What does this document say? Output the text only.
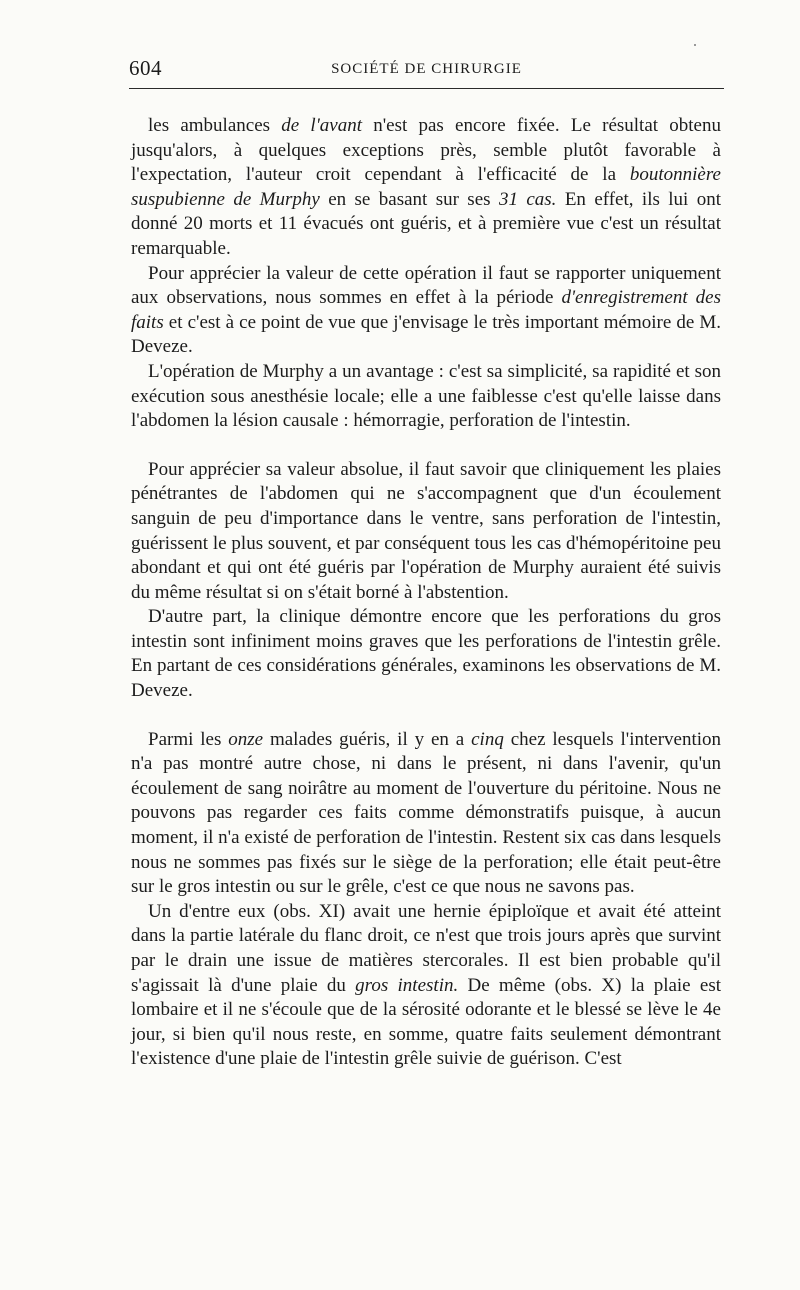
604	SOCIÉTÉ DE CHIRURGIE

les ambulances de l'avant n'est pas encore fixée. Le résultat obtenu jusqu'alors, à quelques exceptions près, semble plutôt favorable à l'expectation, l'auteur croit cependant à l'efficacité de la boutonnière suspubienne de Murphy en se basant sur ses 31 cas. En effet, ils lui ont donné 20 morts et 11 évacués ont guéris, et à première vue c'est un résultat remarquable.

Pour apprécier la valeur de cette opération il faut se rapporter uniquement aux observations, nous sommes en effet à la période d'enregistrement des faits et c'est à ce point de vue que j'envisage le très important mémoire de M. Deveze.

L'opération de Murphy a un avantage : c'est sa simplicité, sa rapidité et son exécution sous anesthésie locale; elle a une faiblesse c'est qu'elle laisse dans l'abdomen la lésion causale : hémorragie, perforation de l'intestin.

Pour apprécier sa valeur absolue, il faut savoir que cliniquement les plaies pénétrantes de l'abdomen qui ne s'accompagnent que d'un écoulement sanguin de peu d'importance dans le ventre, sans perforation de l'intestin, guérissent le plus souvent, et par conséquent tous les cas d'hémopéritoine peu abondant et qui ont été guéris par l'opération de Murphy auraient été suivis du même résultat si on s'était borné à l'abstention.

D'autre part, la clinique démontre encore que les perforations du gros intestin sont infiniment moins graves que les perforations de l'intestin grêle. En partant de ces considérations générales, examinons les observations de M. Deveze.

Parmi les onze malades guéris, il y en a cinq chez lesquels l'intervention n'a pas montré autre chose, ni dans le présent, ni dans l'avenir, qu'un écoulement de sang noirâtre au moment de l'ouverture du péritoine. Nous ne pouvons pas regarder ces faits comme démonstratifs puisque, à aucun moment, il n'a existé de perforation de l'intestin. Restent six cas dans lesquels nous ne sommes pas fixés sur le siège de la perforation; elle était peut-être sur le gros intestin ou sur le grêle, c'est ce que nous ne savons pas.

Un d'entre eux (obs. XI) avait une hernie épiploïque et avait été atteint dans la partie latérale du flanc droit, ce n'est que trois jours après que survint par le drain une issue de matières stercorales. Il est bien probable qu'il s'agissait là d'une plaie du gros intestin. De même (obs. X) la plaie est lombaire et il ne s'écoule que de la sérosité odorante et le blessé se lève le 4e jour, si bien qu'il nous reste, en somme, quatre faits seulement démontrant l'existence d'une plaie de l'intestin grêle suivie de guérison. C'est
